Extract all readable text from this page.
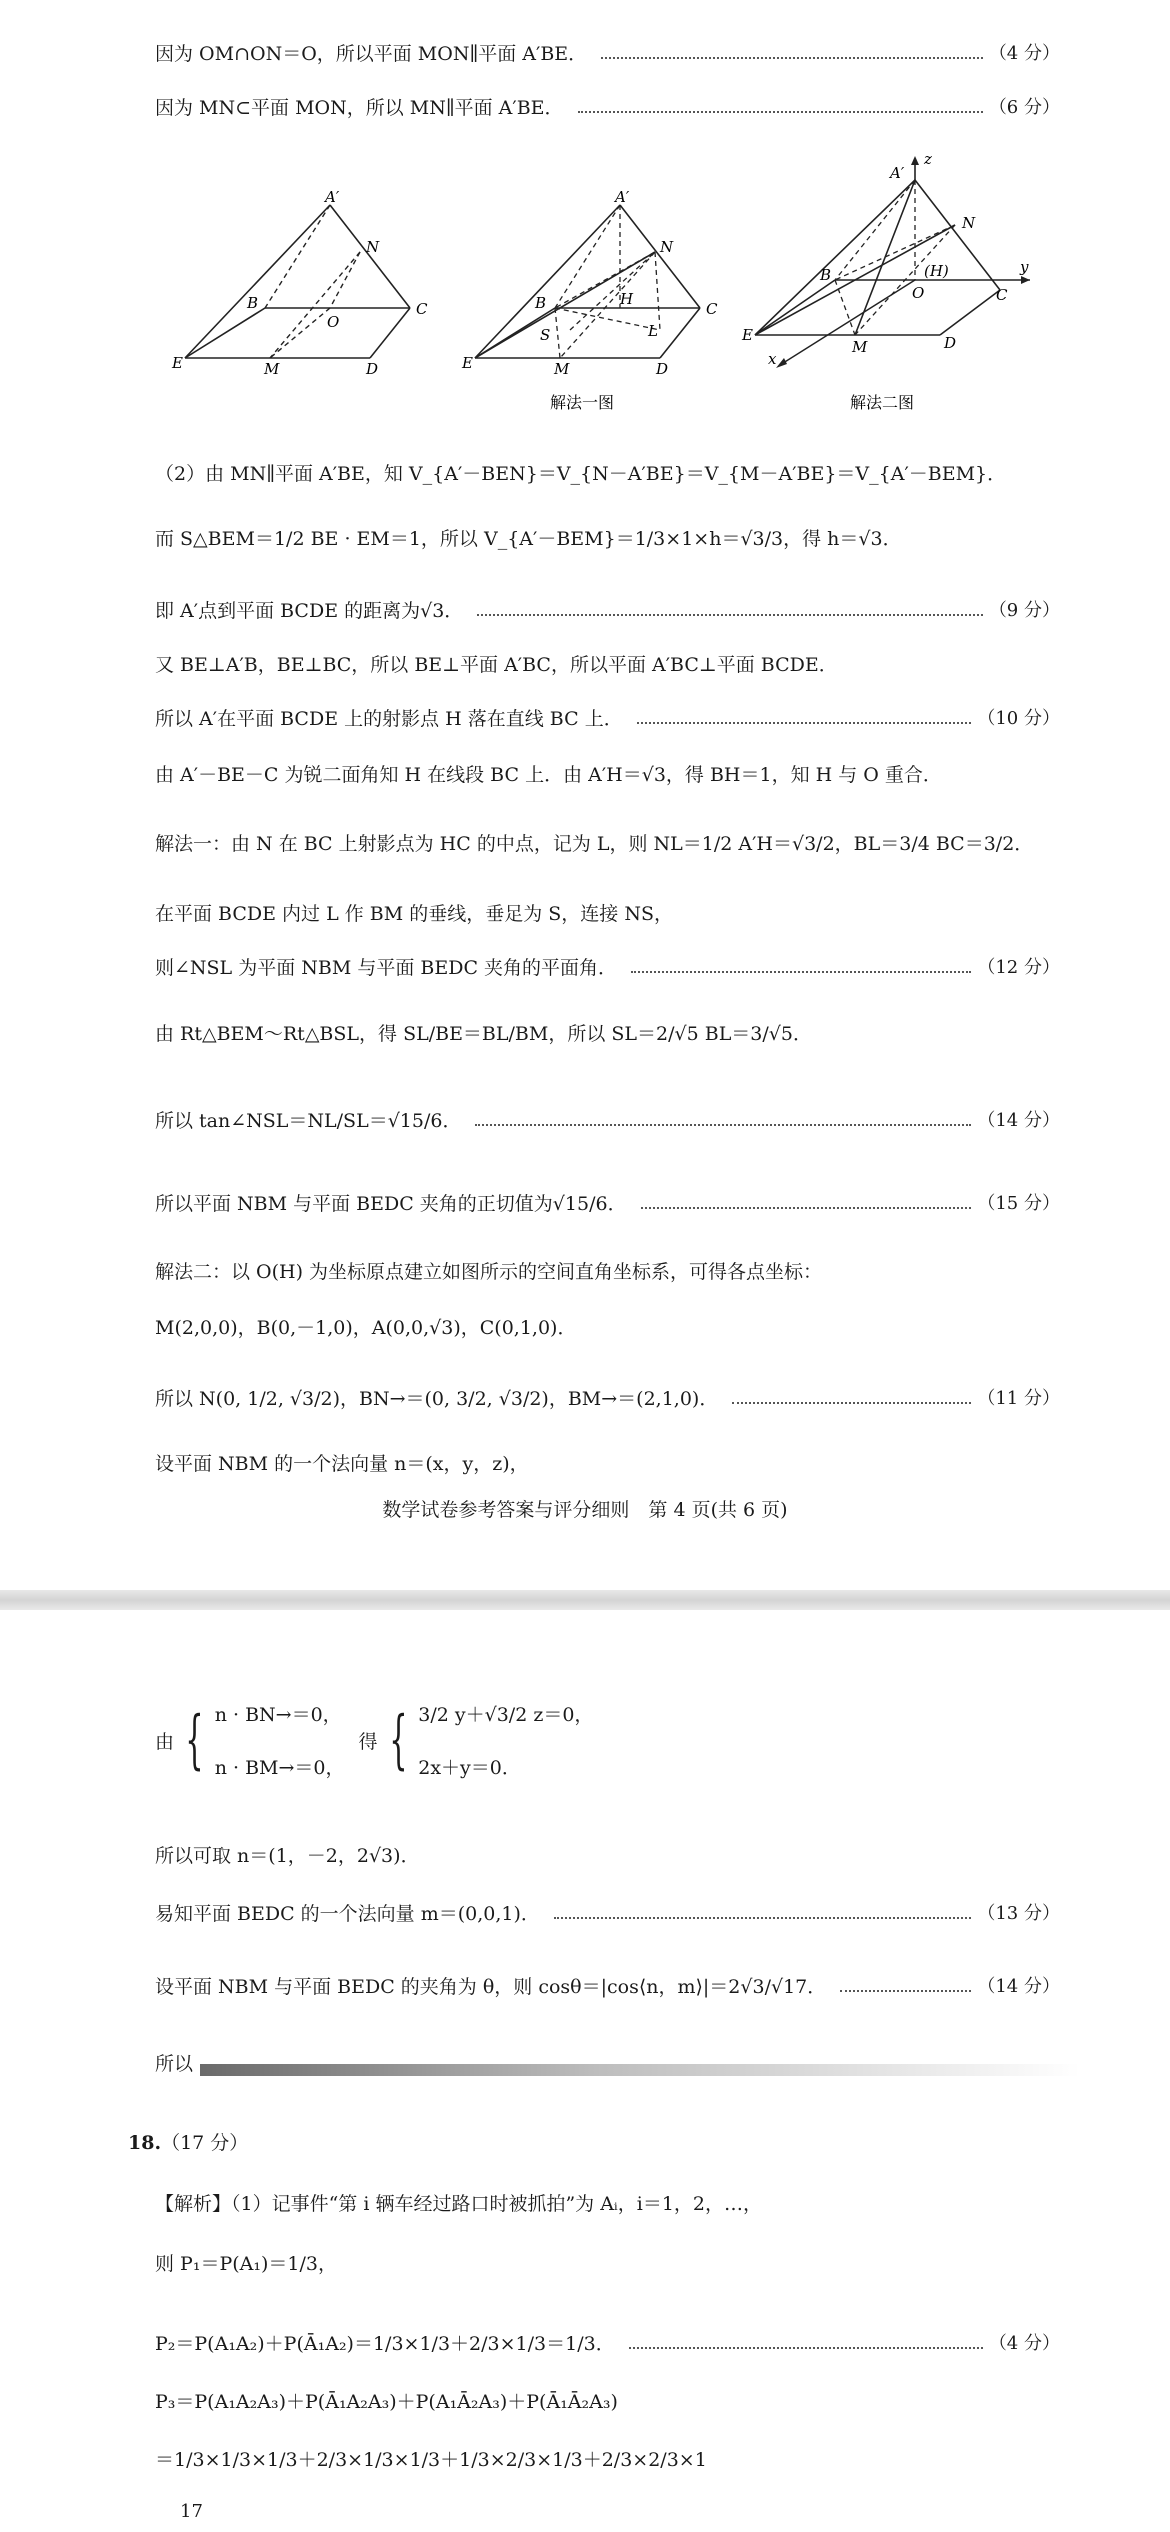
因为 OM∩ON＝O，所以平面 MON∥平面 A′BE．	（4 分）
因为 MN⊂平面 MON，所以 MN∥平面 A′BE．	（6 分）
A′
N
B
O
C
E	M	D
A′
N
B	H
C
S	L
E	M	D
解法一图
A′
z
N
B	(H)
O
y
C
E
M	D
x
解法二图
（2）由 MN∥平面 A′BE，知 V_{A′－BEN}＝V_{N－A′BE}＝V_{M－A′BE}＝V_{A′－BEM}．
而 S△BEM＝1/2 BE · EM＝1，所以 V_{A′－BEM}＝1/3×1×h＝√3/3，得 h＝√3．
即 A′点到平面 BCDE 的距离为√3．	（9 分）
又 BE⊥A′B，BE⊥BC，所以 BE⊥平面 A′BC，所以平面 A′BC⊥平面 BCDE．
所以 A′在平面 BCDE 上的射影点 H 落在直线 BC 上．	（10 分）
由 A′－BE－C 为锐二面角知 H 在线段 BC 上．由 A′H＝√3，得 BH＝1，知 H 与 O 重合．
解法一：由 N 在 BC 上射影点为 HC 的中点，记为 L，则 NL＝1/2 A′H＝√3/2，BL＝3/4 BC＝3/2．
在平面 BCDE 内过 L 作 BM 的垂线，垂足为 S，连接 NS，
则∠NSL 为平面 NBM 与平面 BEDC 夹角的平面角．	（12 分）
由 Rt△BEM～Rt△BSL，得 SL/BE＝BL/BM，所以 SL＝2/√5 BL＝3/√5．
所以 tan∠NSL＝NL/SL＝√15/6．	（14 分）
所以平面 NBM 与平面 BEDC 夹角的正切值为√15/6．	（15 分）
解法二：以 O(H) 为坐标原点建立如图所示的空间直角坐标系，可得各点坐标：
M(2,0,0)，B(0,－1,0)，A(0,0,√3)，C(0,1,0)．
所以 N(0, 1/2, √3/2)，BN→＝(0, 3/2, √3/2)，BM→＝(2,1,0)．	（11 分）
设平面 NBM 的一个法向量 n＝(x，y，z)，
数学试卷参考答案与评分细则　第 4 页(共 6 页)
由 { n · BN→＝0，
n · BM→＝0，
得 { 3/2 y＋√3/2 z＝0，
2x＋y＝0．
所以可取 n＝(1，－2，2√3)．
易知平面 BEDC 的一个法向量 m＝(0,0,1)．	（13 分）
设平面 NBM 与平面 BEDC 的夹角为 θ，则 cosθ＝|cos⟨n，m⟩|＝2√3/√17．	（14 分）
所以
18.（17 分）
【解析】（1）记事件“第 i 辆车经过路口时被抓拍”为 Aᵢ，i＝1，2，…，
则 P₁＝P(A₁)＝1/3，
P₂＝P(A₁A₂)＋P(Ā₁A₂)＝1/3×1/3＋2/3×1/3＝1/3．	（4 分）
P₃＝P(A₁A₂A₃)＋P(Ā₁A₂A₃)＋P(A₁Ā₂A₃)＋P(Ā₁Ā₂A₃)
＝1/3×1/3×1/3＋2/3×1/3×1/3＋1/3×2/3×1/3＋2/3×2/3×1
17
